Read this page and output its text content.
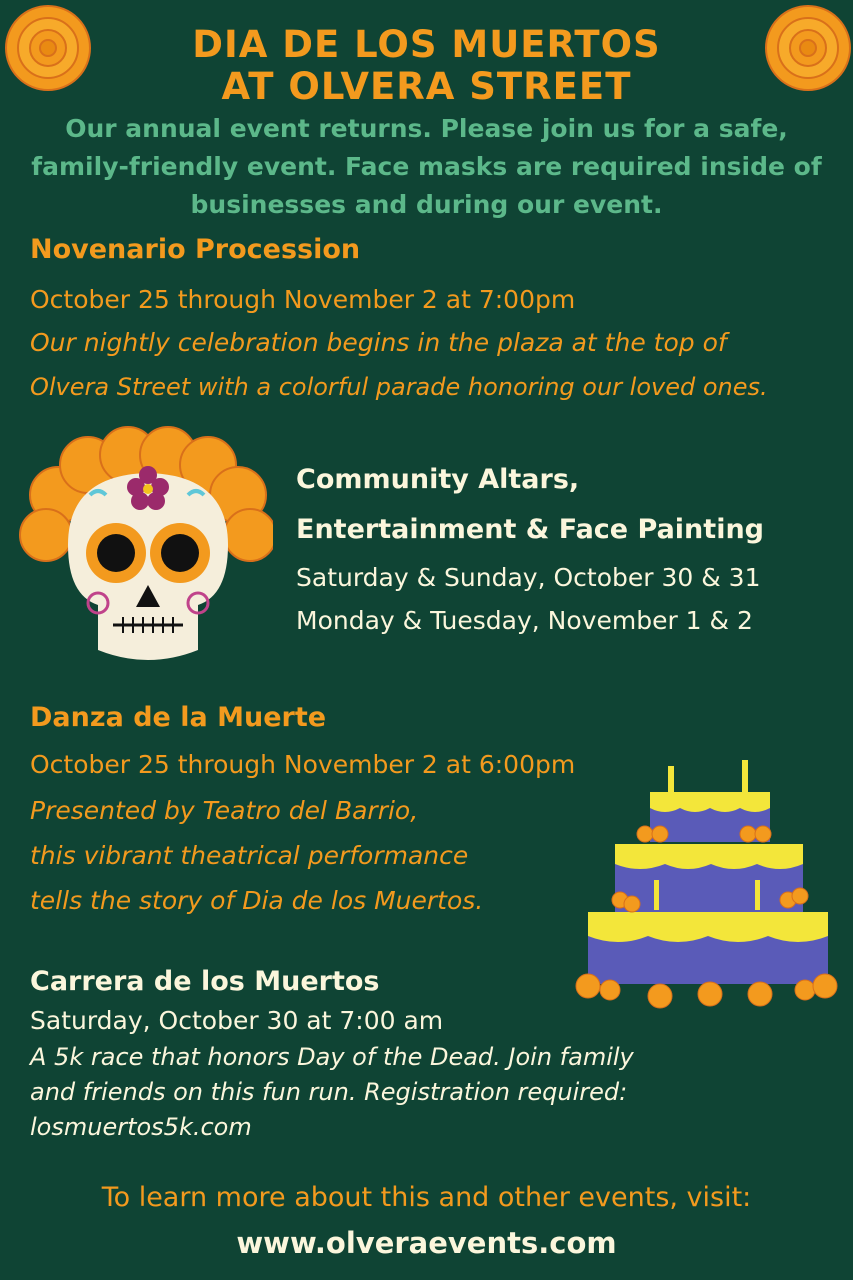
DIA DE LOS MUERTOS
AT OLVERA STREET
Our annual event returns. Please join us for a safe, family-friendly event. Face masks are required inside of businesses and during our event.
Novenario Procession
October 25 through November 2 at 7:00pm
Our nightly celebration begins in the plaza at the top of
Olvera Street with a colorful parade honoring our loved ones.
Community Altars,
Entertainment & Face Painting
Saturday & Sunday, October 30 & 31
Monday & Tuesday, November 1 & 2
Danza de la Muerte
October 25 through November 2 at 6:00pm
Presented by Teatro del Barrio,
this vibrant theatrical performance
tells the story of Dia de los Muertos.
Carrera de los Muertos
Saturday, October 30 at 7:00 am
A 5k race that honors Day of the Dead. Join family
and friends on this fun run. Registration required:
losmuertos5k.com
To learn more about this and other events, visit:
www.olveraevents.com
